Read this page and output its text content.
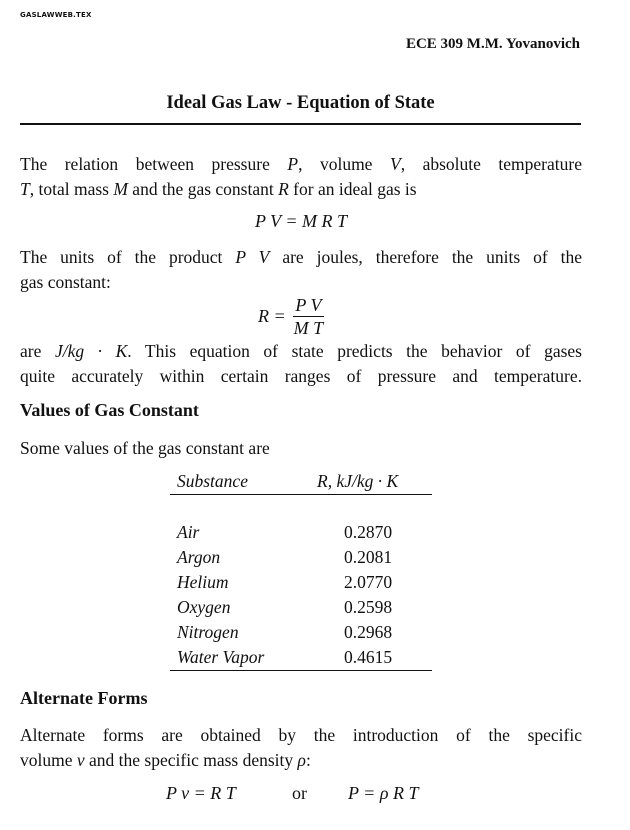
GASLAWWEB.TEX
ECE 309 M.M. Yovanovich
Ideal Gas Law - Equation of State
The relation between pressure P, volume V, absolute temperature
T, total mass M and the gas constant R for an ideal gas is
P V = M R T
The units of the product P V are joules, therefore the units of the
gas constant:
$R = \frac{\text{P V}}{\text{M T}}$
are J/kg · K. This equation of state predicts the behavior of gases
quite accurately within certain ranges of pressure and temperature.
Values of Gas Constant
Some values of the gas constant are
Substance	R, kJ/kg · K
Air	0.2870
Argon	0.2081
Helium	2.0770
Oxygen	0.2598
Nitrogen	0.2968
Water Vapor	0.4615
Alternate Forms
Alternate forms are obtained by the introduction of the specific
volume v and the specific mass density ρ:
P v = R T	or P = ρ R T
